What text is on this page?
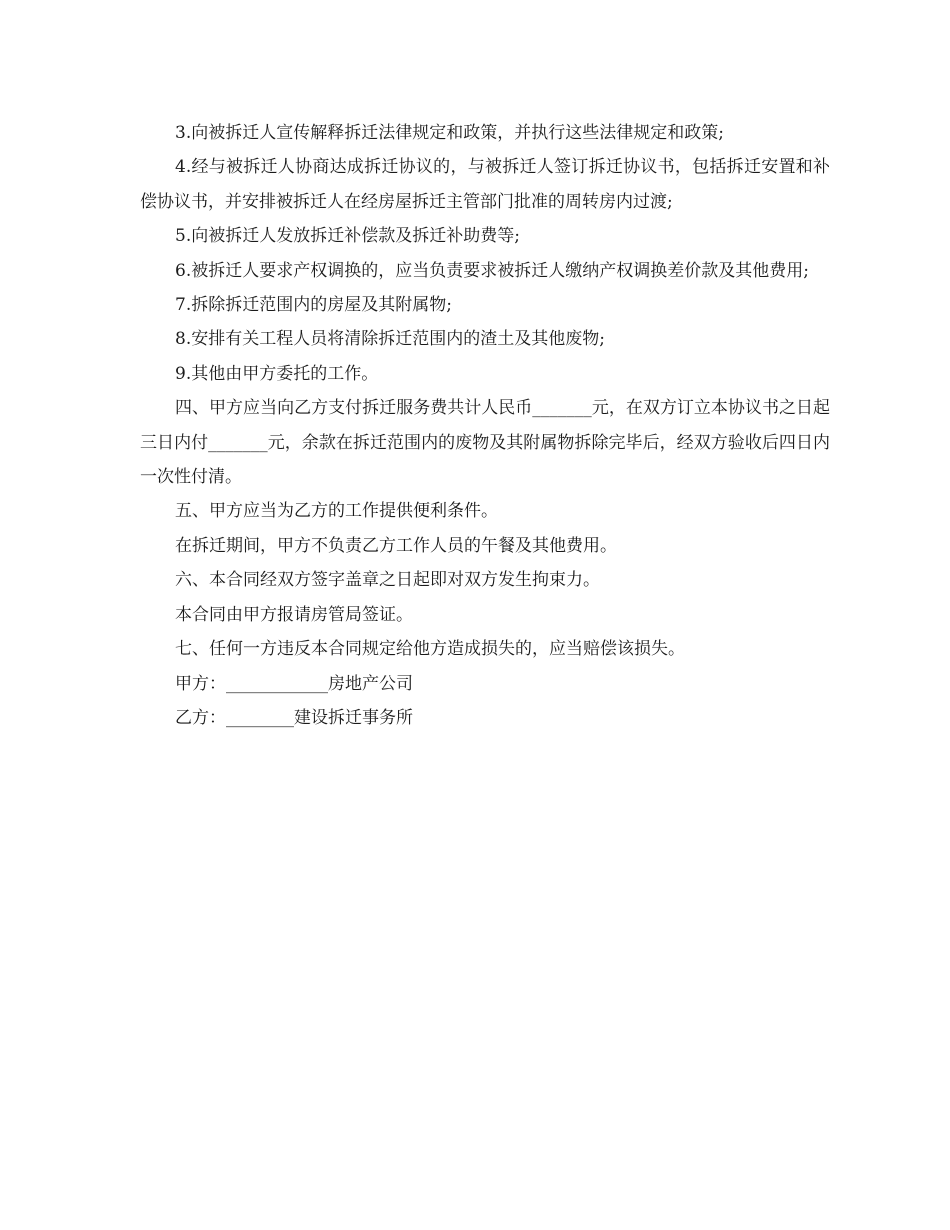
3.向被拆迁人宣传解释拆迁法律规定和政策，并执行这些法律规定和政策;

4.经与被拆迁人协商达成拆迁协议的，与被拆迁人签订拆迁协议书，包括拆迁安置和补偿协议书，并安排被拆迁人在经房屋拆迁主管部门批准的周转房内过渡;

5.向被拆迁人发放拆迁补偿款及拆迁补助费等;

6.被拆迁人要求产权调换的，应当负责要求被拆迁人缴纳产权调换差价款及其他费用;

7.拆除拆迁范围内的房屋及其附属物;

8.安排有关工程人员将清除拆迁范围内的渣土及其他废物;

9.其他由甲方委托的工作。

四、甲方应当向乙方支付拆迁服务费共计人民币_______元，在双方订立本协议书之日起三日内付_______元，余款在拆迁范围内的废物及其附属物拆除完毕后，经双方验收后四日内一次性付清。

五、甲方应当为乙方的工作提供便利条件。

在拆迁期间，甲方不负责乙方工作人员的午餐及其他费用。

六、本合同经双方签字盖章之日起即对双方发生拘束力。

本合同由甲方报请房管局签证。

七、任何一方违反本合同规定给他方造成损失的，应当赔偿该损失。

甲方：____________房地产公司

乙方：________建设拆迁事务所
